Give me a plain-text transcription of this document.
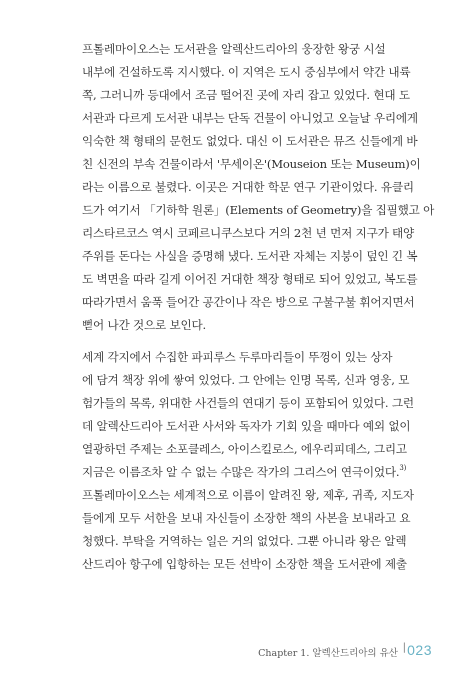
프톨레마이오스는 도서관을 알렉산드리아의 웅장한 왕궁 시설
내부에 건설하도록 지시했다. 이 지역은 도시 중심부에서 약간 내륙
쪽, 그러니까 등대에서 조금 떨어진 곳에 자리 잡고 있었다. 현대 도
서관과 다르게 도서관 내부는 단독 건물이 아니었고 오늘날 우리에게
익숙한 책 형태의 문헌도 없었다. 대신 이 도서관은 뮤즈 신들에게 바
친 신전의 부속 건물이라서 '무세이온'(Mouseion 또는 Museum)이
라는 이름으로 불렸다. 이곳은 거대한 학문 연구 기관이었다. 유클리
드가 여기서 「기하학 원론」(Elements of Geometry)을 집필했고 아
리스타르코스 역시 코페르니쿠스보다 거의 2천 년 먼저 지구가 태양
주위를 돈다는 사실을 증명해 냈다. 도서관 자체는 지붕이 덮인 긴 복
도 벽면을 따라 길게 이어진 거대한 책장 형태로 되어 있었고, 복도를
따라가면서 움푹 들어간 공간이나 작은 방으로 구불구불 휘어지면서
뻗어 나간 것으로 보인다.
세계 각지에서 수집한 파피루스 두루마리들이 뚜껑이 있는 상자
에 담겨 책장 위에 쌓여 있었다. 그 안에는 인명 목록, 신과 영웅, 모
험가들의 목록, 위대한 사건들의 연대기 등이 포함되어 있었다. 그런
데 알렉산드리아 도서관 사서와 독자가 기회 있을 때마다 예외 없이
열광하던 주제는 소포클레스, 아이스킬로스, 에우리피데스, 그리고
지금은 이름조차 알 수 없는 수많은 작가의 그리스어 연극이었다.$^{3)}$
프톨레마이오스는 세계적으로 이름이 알려진 왕, 제후, 귀족, 지도자
들에게 모두 서한을 보내 자신들이 소장한 책의 사본을 보내라고 요
청했다. 부탁을 거역하는 일은 거의 없었다. 그뿐 아니라 왕은 알렉
산드리아 항구에 입항하는 모든 선박이 소장한 책을 도서관에 제출
Chapter 1. 알렉산드리아의 유산
| 023
